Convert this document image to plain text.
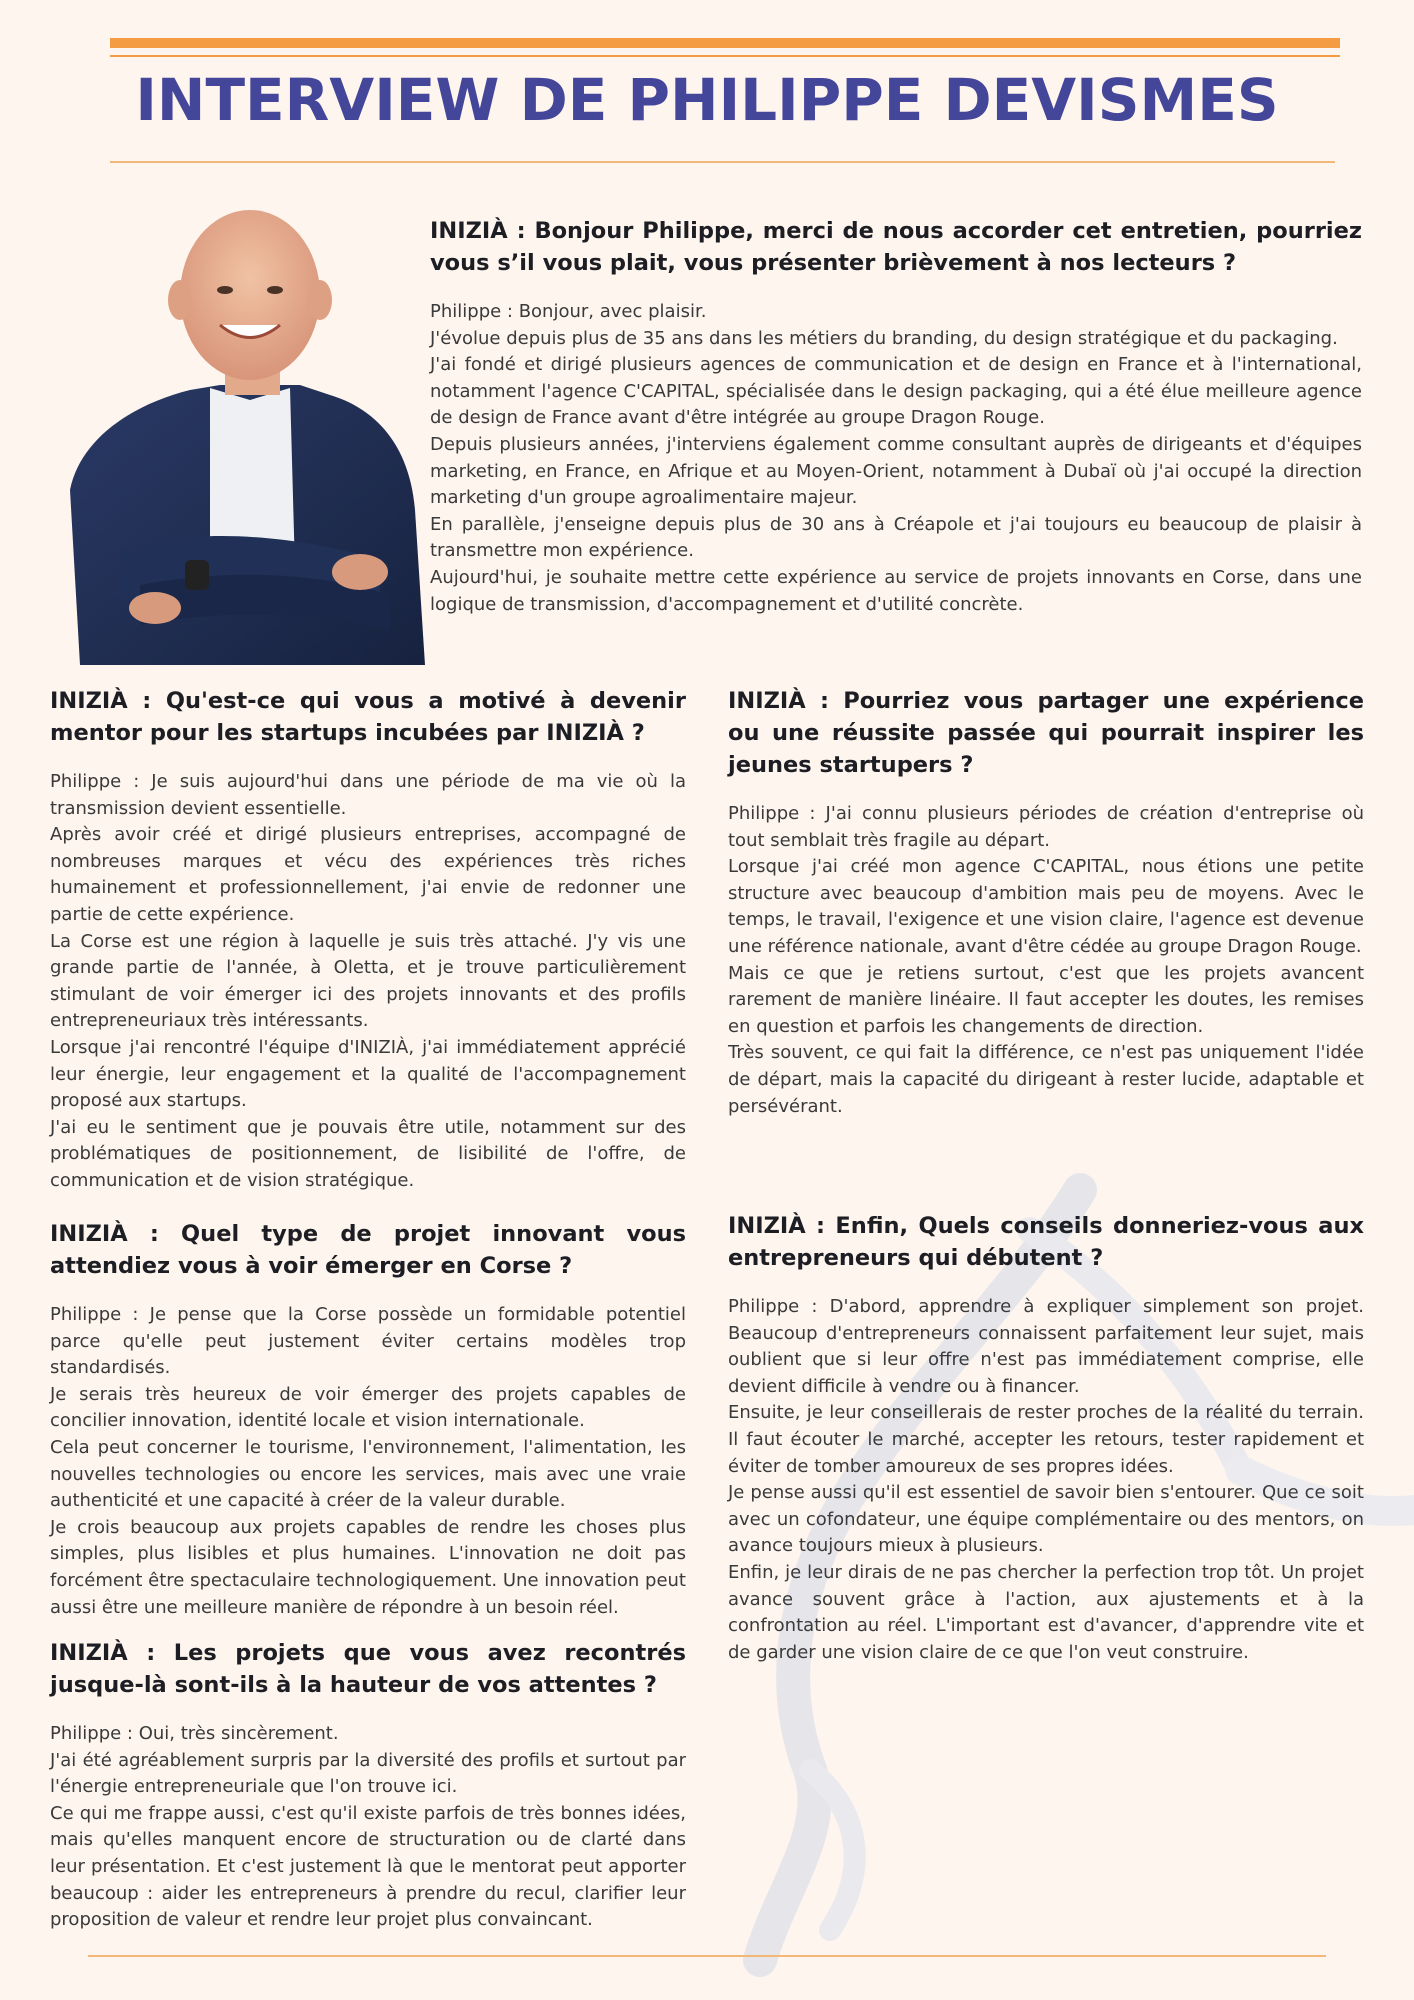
INTERVIEW DE PHILIPPE DEVISMES
INIZIÀ : Bonjour Philippe, merci de nous accorder cet entretien, pourriez vous s’il vous plait, vous présenter brièvement à nos lecteurs ?

Philippe : Bonjour, avec plaisir.

J'évolue depuis plus de 35 ans dans les métiers du branding, du design stratégique et du packaging.

J'ai fondé et dirigé plusieurs agences de communication et de design en France et à l'international, notamment l'agence C'CAPITAL, spécialisée dans le design packaging, qui a été élue meilleure agence de design de France avant d'être intégrée au groupe Dragon Rouge.

Depuis plusieurs années, j'interviens également comme consultant auprès de dirigeants et d'équipes marketing, en France, en Afrique et au Moyen-Orient, notamment à Dubaï où j'ai occupé la direction marketing d'un groupe agroalimentaire majeur.

En parallèle, j'enseigne depuis plus de 30 ans à Créapole et j'ai toujours eu beaucoup de plaisir à transmettre mon expérience.

Aujourd'hui, je souhaite mettre cette expérience au service de projets innovants en Corse, dans une logique de transmission, d'accompagnement et d'utilité concrète.

INIZIÀ : Qu'est-ce qui vous a motivé à devenir mentor pour les startups incubées par INIZIÀ ?

Philippe : Je suis aujourd'hui dans une période de ma vie où la transmission devient essentielle.

Après avoir créé et dirigé plusieurs entreprises, accompagné de nombreuses marques et vécu des expériences très riches humainement et professionnellement, j'ai envie de redonner une partie de cette expérience.

La Corse est une région à laquelle je suis très attaché. J'y vis une grande partie de l'année, à Oletta, et je trouve particulièrement stimulant de voir émerger ici des projets innovants et des profils entrepreneuriaux très intéressants.

Lorsque j'ai rencontré l'équipe d'INIZIÀ, j'ai immédiatement apprécié leur énergie, leur engagement et la qualité de l'accompagnement proposé aux startups.

J'ai eu le sentiment que je pouvais être utile, notamment sur des problématiques de positionnement, de lisibilité de l'offre, de communication et de vision stratégique.

INIZIÀ : Quel type de projet innovant vous attendiez vous à voir émerger en Corse ?

Philippe : Je pense que la Corse possède un formidable potentiel parce qu'elle peut justement éviter certains modèles trop standardisés.

Je serais très heureux de voir émerger des projets capables de concilier innovation, identité locale et vision internationale.

Cela peut concerner le tourisme, l'environnement, l'alimentation, les nouvelles technologies ou encore les services, mais avec une vraie authenticité et une capacité à créer de la valeur durable.

Je crois beaucoup aux projets capables de rendre les choses plus simples, plus lisibles et plus humaines. L'innovation ne doit pas forcément être spectaculaire technologiquement. Une innovation peut aussi être une meilleure manière de répondre à un besoin réel.

INIZIÀ : Les projets que vous avez recontrés jusque-là sont-ils à la hauteur de vos attentes ?

Philippe : Oui, très sincèrement.

J'ai été agréablement surpris par la diversité des profils et surtout par l'énergie entrepreneuriale que l'on trouve ici.

Ce qui me frappe aussi, c'est qu'il existe parfois de très bonnes idées, mais qu'elles manquent encore de structuration ou de clarté dans leur présentation. Et c'est justement là que le mentorat peut apporter beaucoup : aider les entrepreneurs à prendre du recul, clarifier leur proposition de valeur et rendre leur projet plus convaincant.

INIZIÀ : Pourriez vous partager une expérience ou une réussite passée qui pourrait inspirer les jeunes startupers ?

Philippe : J'ai connu plusieurs périodes de création d'entreprise où tout semblait très fragile au départ.

Lorsque j'ai créé mon agence C'CAPITAL, nous étions une petite structure avec beaucoup d'ambition mais peu de moyens. Avec le temps, le travail, l'exigence et une vision claire, l'agence est devenue une référence nationale, avant d'être cédée au groupe Dragon Rouge.

Mais ce que je retiens surtout, c'est que les projets avancent rarement de manière linéaire. Il faut accepter les doutes, les remises en question et parfois les changements de direction.

Très souvent, ce qui fait la différence, ce n'est pas uniquement l'idée de départ, mais la capacité du dirigeant à rester lucide, adaptable et persévérant.

INIZIÀ : Enfin, Quels conseils donneriez-vous aux entrepreneurs qui débutent ?

Philippe : D'abord, apprendre à expliquer simplement son projet. Beaucoup d'entrepreneurs connaissent parfaitement leur sujet, mais oublient que si leur offre n'est pas immédiatement comprise, elle devient difficile à vendre ou à financer.

Ensuite, je leur conseillerais de rester proches de la réalité du terrain. Il faut écouter le marché, accepter les retours, tester rapidement et éviter de tomber amoureux de ses propres idées.

Je pense aussi qu'il est essentiel de savoir bien s'entourer. Que ce soit avec un cofondateur, une équipe complémentaire ou des mentors, on avance toujours mieux à plusieurs.

Enfin, je leur dirais de ne pas chercher la perfection trop tôt. Un projet avance souvent grâce à l'action, aux ajustements et à la confrontation au réel. L'important est d'avancer, d'apprendre vite et de garder une vision claire de ce que l'on veut construire.
